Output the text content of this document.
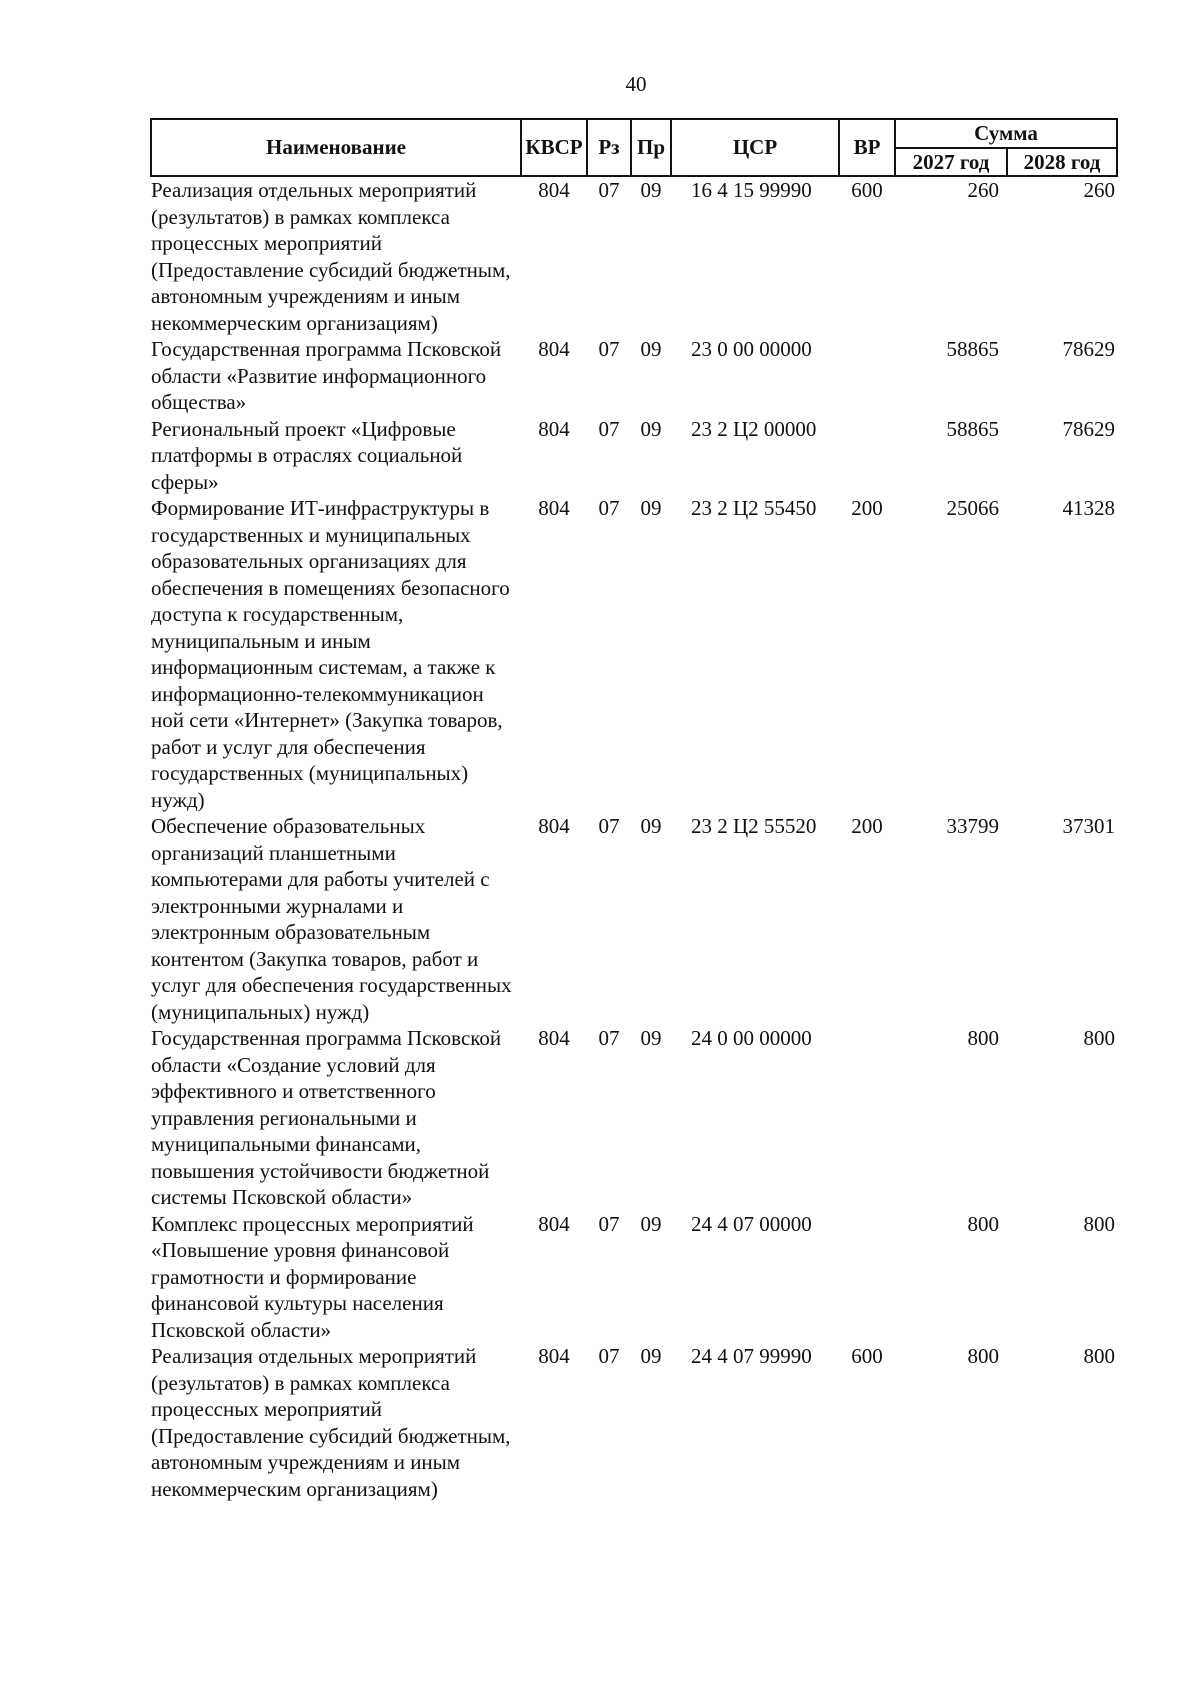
40
Наименование	КВСР	Рз	Пр	ЦСР	ВР	Сумма	
						2027 год	2028 год
Реализация отдельных мероприятий (результатов) в рамках комплекса процессных мероприятий (Предоставление субсидий бюджетным, автономным учреждениям и иным некоммерческим организациям)	804	07	09	16 4 15 99990	600	260	260
Государственная программа Псковской области «Развитие информационного общества»	804	07	09	23 0 00 00000		58865	78629
Региональный проект «Цифровые платформы в отраслях социальной сферы»	804	07	09	23 2 Ц2 00000		58865	78629
Формирование ИТ-инфраструктуры в государственных и муниципальных образовательных организациях для обеспечения в помещениях безопасного доступа к государственным, муниципальным и иным информационным системам, а также к информационно-телекоммуникацион ной сети «Интернет» (Закупка товаров, работ и услуг для обеспечения государственных (муниципальных) нужд)	804	07	09	23 2 Ц2 55450	200	25066	41328
Обеспечение образовательных организаций планшетными компьютерами для работы учителей с электронными журналами и электронным образовательным контентом (Закупка товаров, работ и услуг для обеспечения государственных (муниципальных) нужд)	804	07	09	23 2 Ц2 55520	200	33799	37301
Государственная программа Псковской области «Создание условий для эффективного и ответственного управления региональными и муниципальными финансами, повышения устойчивости бюджетной системы Псковской области»	804	07	09	24 0 00 00000		800	800
Комплекс процессных мероприятий «Повышение уровня финансовой грамотности и формирование финансовой культуры населения Псковской области»	804	07	09	24 4 07 00000		800	800
Реализация отдельных мероприятий (результатов) в рамках комплекса процессных мероприятий (Предоставление субсидий бюджетным, автономным учреждениям и иным некоммерческим организациям)	804	07	09	24 4 07 99990	600	800	800
